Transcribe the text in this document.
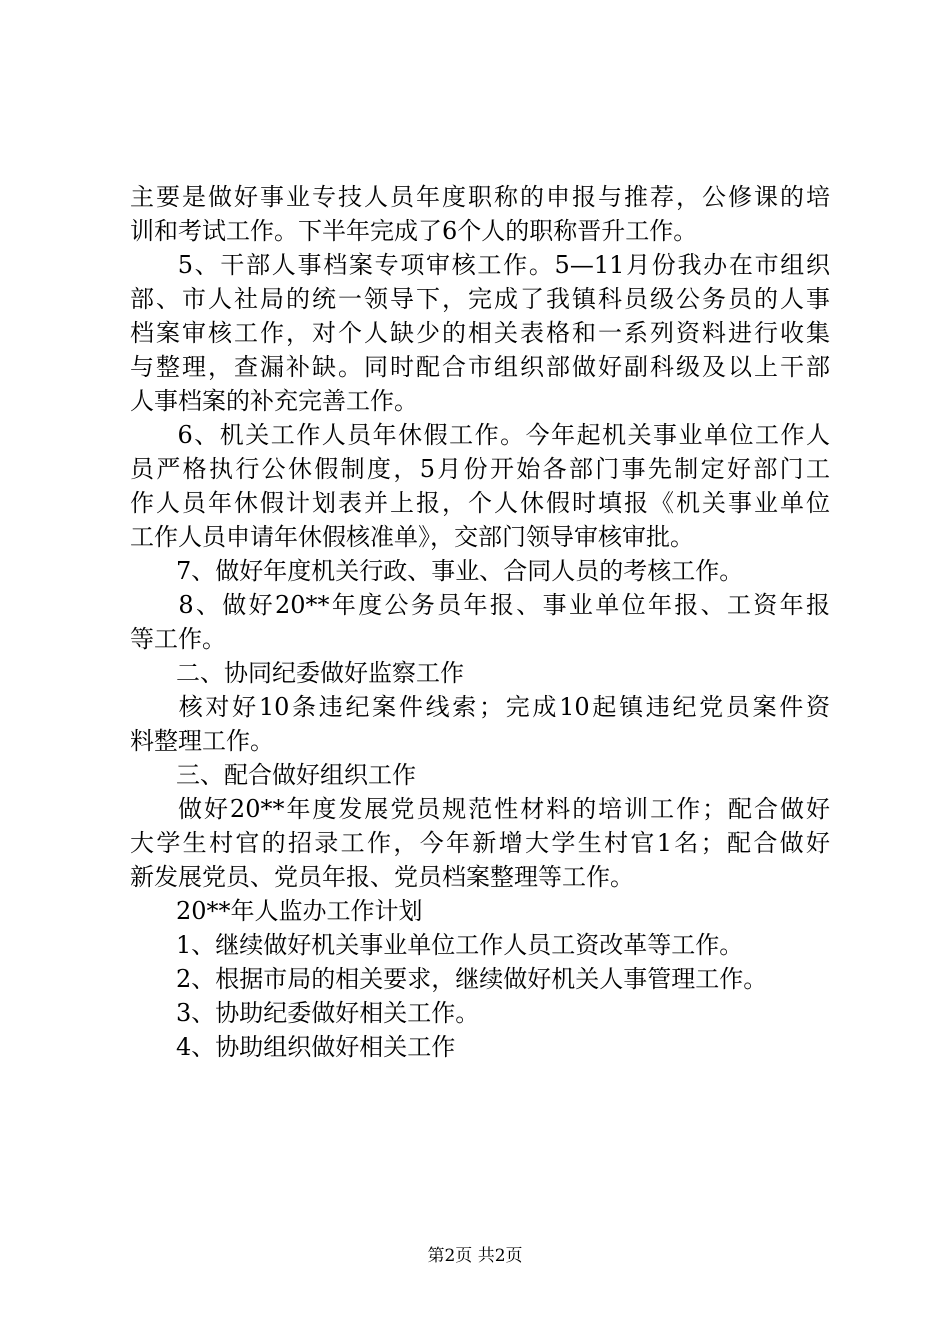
主要是做好事业专技人员年度职称的申报与推荐，公修课的培
训和考试工作。下半年完成了6个人的职称晋升工作。
　5、干部人事档案专项审核工作。5—11月份我办在市组织
部、市人社局的统一领导下，完成了我镇科员级公务员的人事
档案审核工作，对个人缺少的相关表格和一系列资料进行收集
与整理，查漏补缺。同时配合市组织部做好副科级及以上干部
人事档案的补充完善工作。
　6、机关工作人员年休假工作。今年起机关事业单位工作人
员严格执行公休假制度，5月份开始各部门事先制定好部门工
作人员年休假计划表并上报，个人休假时填报《机关事业单位
工作人员申请年休假核准单》，交部门领导审核审批。
　7、做好年度机关行政、事业、合同人员的考核工作。
　8、做好20**年度公务员年报、事业单位年报、工资年报
等工作。
　二、协同纪委做好监察工作
　核对好10条违纪案件线索；完成10起镇违纪党员案件资
料整理工作。
　三、配合做好组织工作
　做好20**年度发展党员规范性材料的培训工作；配合做好
大学生村官的招录工作，今年新增大学生村官1名；配合做好
新发展党员、党员年报、党员档案整理等工作。
　20**年人监办工作计划
　1、继续做好机关事业单位工作人员工资改革等工作。
　2、根据市局的相关要求，继续做好机关人事管理工作。
　3、协助纪委做好相关工作。
　4、协助组织做好相关工作
第2页 共2页
